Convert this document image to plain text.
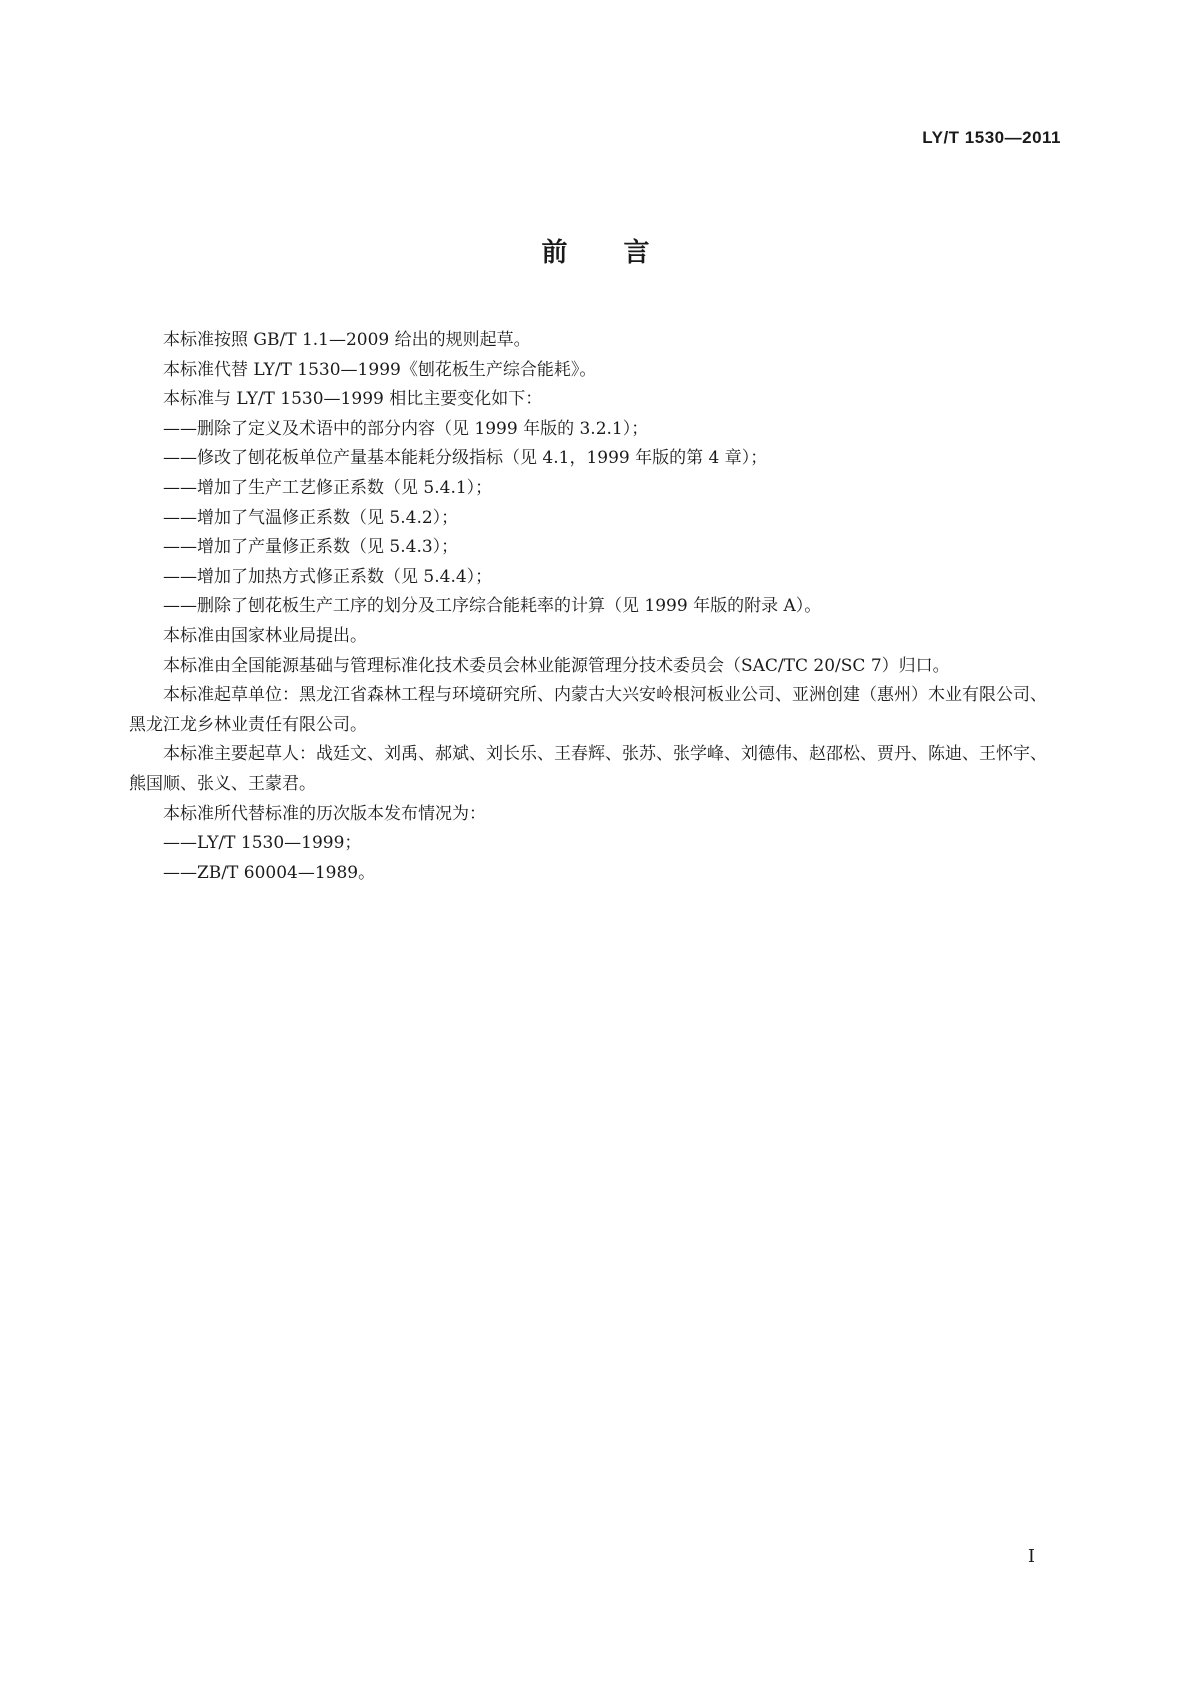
LY/T 1530—2011
前言

本标准按照 GB/T 1.1—2009 给出的规则起草。

本标准代替 LY/T 1530—1999《刨花板生产综合能耗》。

本标准与 LY/T 1530—1999 相比主要变化如下：

——删除了定义及术语中的部分内容（见 1999 年版的 3.2.1）；

——修改了刨花板单位产量基本能耗分级指标（见 4.1，1999 年版的第 4 章）；

——增加了生产工艺修正系数（见 5.4.1）；

——增加了气温修正系数（见 5.4.2）；

——增加了产量修正系数（见 5.4.3）；

——增加了加热方式修正系数（见 5.4.4）；

——删除了刨花板生产工序的划分及工序综合能耗率的计算（见 1999 年版的附录 A）。

本标准由国家林业局提出。

本标准由全国能源基础与管理标准化技术委员会林业能源管理分技术委员会（SAC/TC 20/SC 7）归口。

本标准起草单位：黑龙江省森林工程与环境研究所、内蒙古大兴安岭根河板业公司、亚洲创建（惠州）木业有限公司、黑龙江龙乡林业责任有限公司。

本标准主要起草人：战廷文、刘禹、郝斌、刘长乐、王春辉、张苏、张学峰、刘德伟、赵邵松、贾丹、陈迪、王怀宇、熊国顺、张义、王蒙君。

本标准所代替标准的历次版本发布情况为：

——LY/T 1530—1999；

——ZB/T 60004—1989。

I
